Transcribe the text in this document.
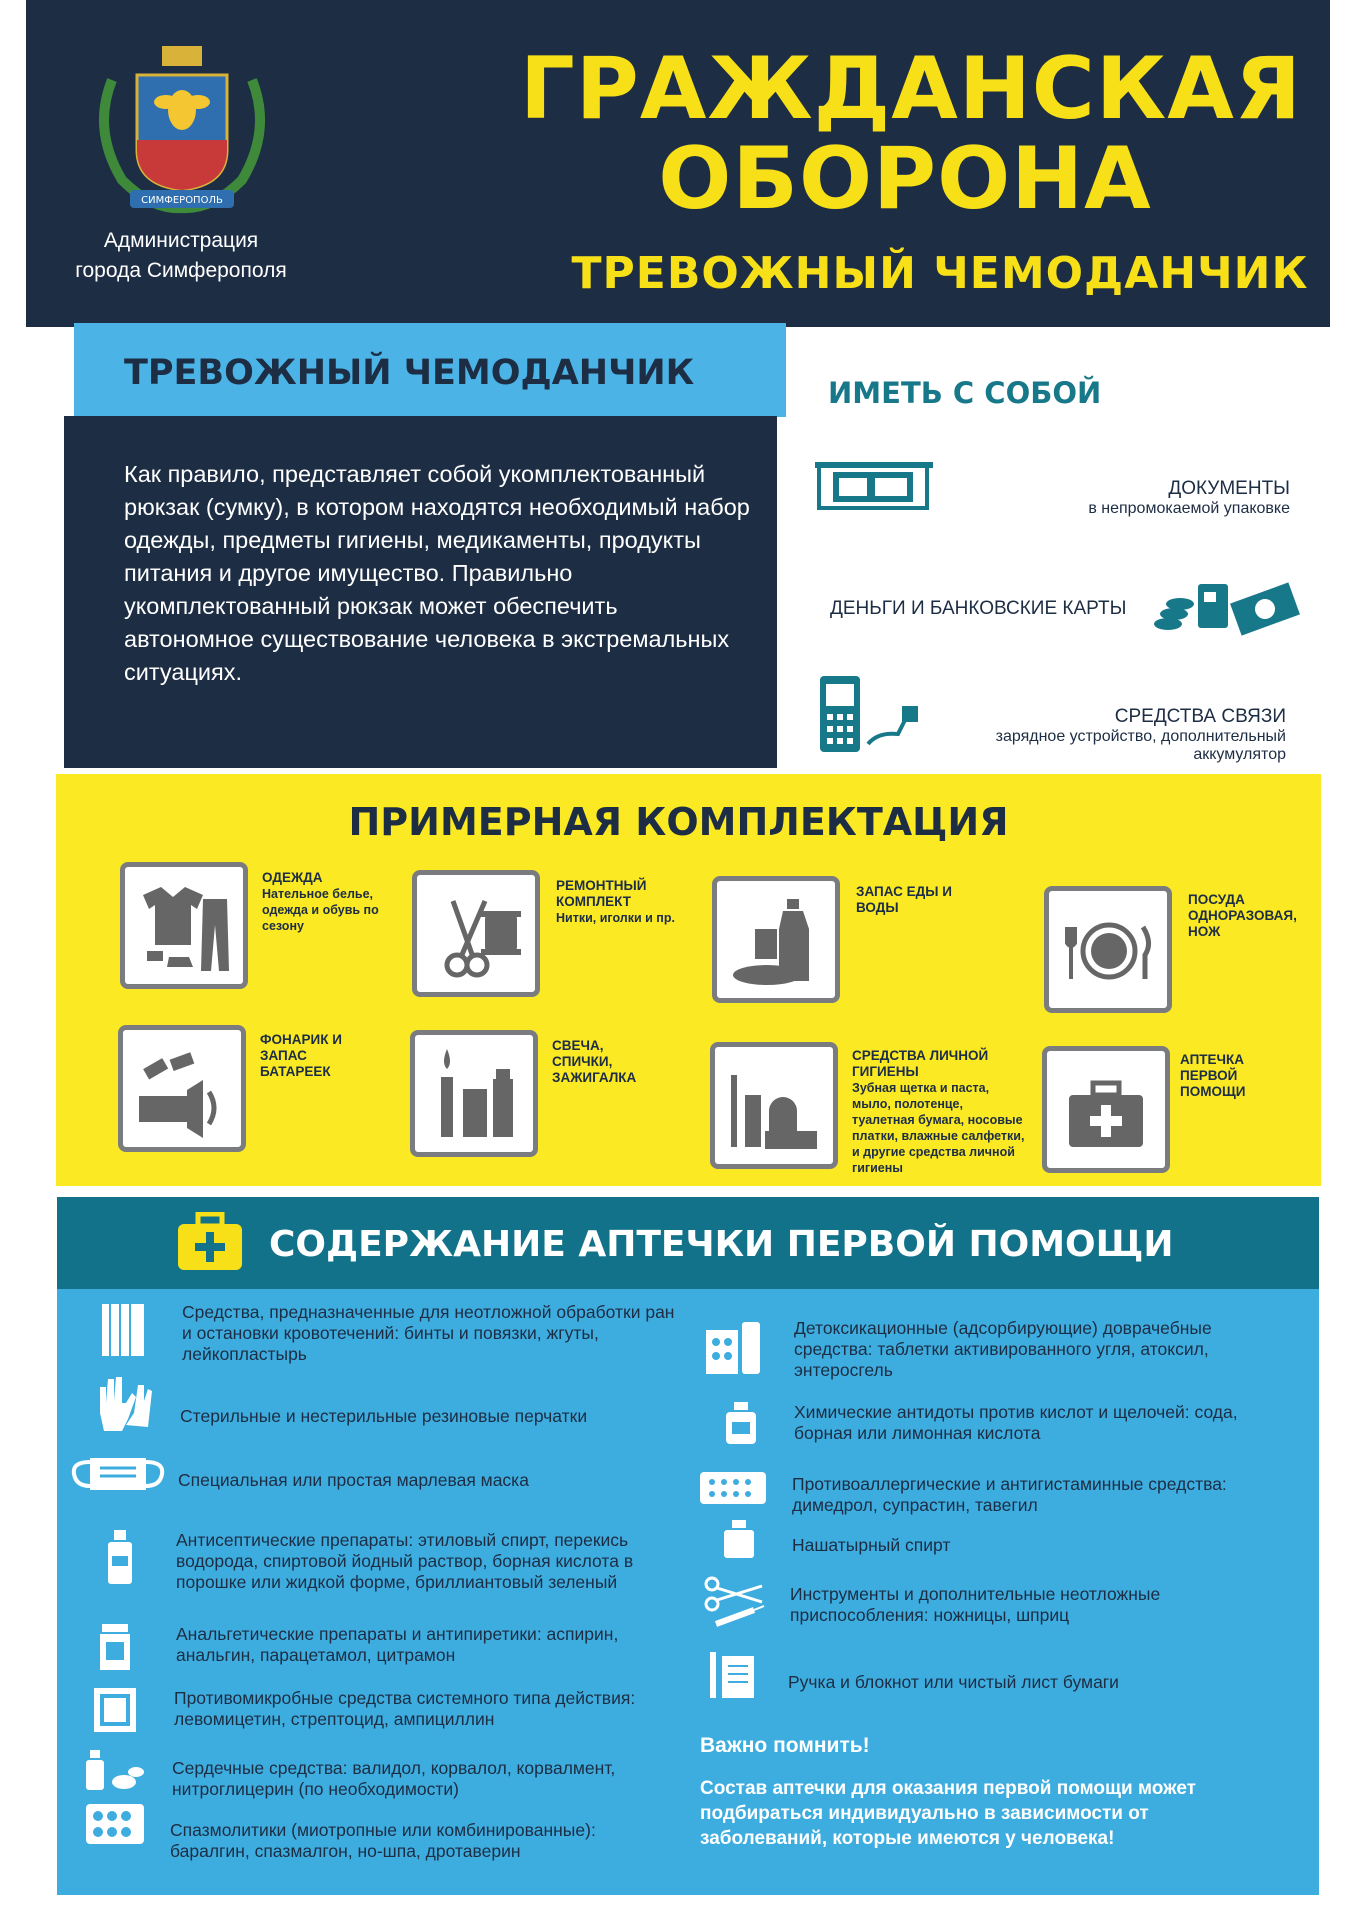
СИМФЕРОПОЛЬ
Администрация
города Симферополя
ГРАЖДАНСКАЯ
ОБОРОНА
ТРЕВОЖНЫЙ ЧЕМОДАНЧИК
ТРЕВОЖНЫЙ ЧЕМОДАНЧИК

Как правило, представляет собой укомплектованный рюкзак (сумку), в котором находятся необходимый набор одежды, предметы гигиены, медикаменты, продукты питания и другое имущество. Правильно укомплектованный рюкзак может обеспечить автономное существование человека в экстремальных ситуациях.

ИМЕТЬ С СОБОЙ
ДОКУМЕНТЫ
в непромокаемой упаковке
ДЕНЬГИ И БАНКОВСКИЕ КАРТЫ
СРЕДСТВА СВЯЗИ
зарядное устройство, дополнительный аккумулятор
ПРИМЕРНАЯ КОМПЛЕКТАЦИЯ
ОДЕЖДА
Нательное белье, одежда и обувь по сезону
РЕМОНТНЫЙ КОМПЛЕКТ
Нитки, иголки и пр.
ЗАПАС ЕДЫ И ВОДЫ
ПОСУДА ОДНОРАЗОВАЯ, НОЖ
ФОНАРИК И ЗАПАС БАТАРЕЕК
СВЕЧА, СПИЧКИ, ЗАЖИГАЛКА
СРЕДСТВА ЛИЧНОЙ ГИГИЕНЫ
Зубная щетка и паста, мыло, полотенце, туалетная бумага, носовые платки, влажные салфетки, и другие средства личной гигиены
АПТЕЧКА ПЕРВОЙ ПОМОЩИ
СОДЕРЖАНИЕ АПТЕЧКИ ПЕРВОЙ ПОМОЩИ
Средства, предназначенные для неотложной обработки ран и остановки кровотечений: бинты и повязки, жгуты, лейкопластырь
Стерильные и нестерильные резиновые перчатки
Специальная или простая марлевая маска
Антисептические препараты: этиловый спирт, перекись водорода, спиртовой йодный раствор, борная кислота в порошке или жидкой форме, бриллиантовый зеленый
Анальгетические препараты и антипиретики: аспирин, анальгин, парацетамол, цитрамон
Противомикробные средства системного типа действия: левомицетин, стрептоцид, ампициллин
Сердечные средства: валидол, корвалол, корвалмент, нитроглицерин (по необходимости)
Спазмолитики (миотропные или комбинированные): баралгин, спазмалгон, но-шпа, дротаверин
Детоксикационные (адсорбирующие) доврачебные средства: таблетки активированного угля, атоксил, энтеросгель
Химические антидоты против кислот и щелочей: сода, борная или лимонная кислота
Противоаллергические и антигистаминные средства: димедрол, супрастин, тавегил
Нашатырный спирт
Инструменты и дополнительные неотложные приспособления: ножницы, шприц
Ручка и блокнот или чистый лист бумаги
Важно помнить!
Состав аптечки для оказания первой помощи может подбираться индивидуально в зависимости от заболеваний, которые имеются у человека!
